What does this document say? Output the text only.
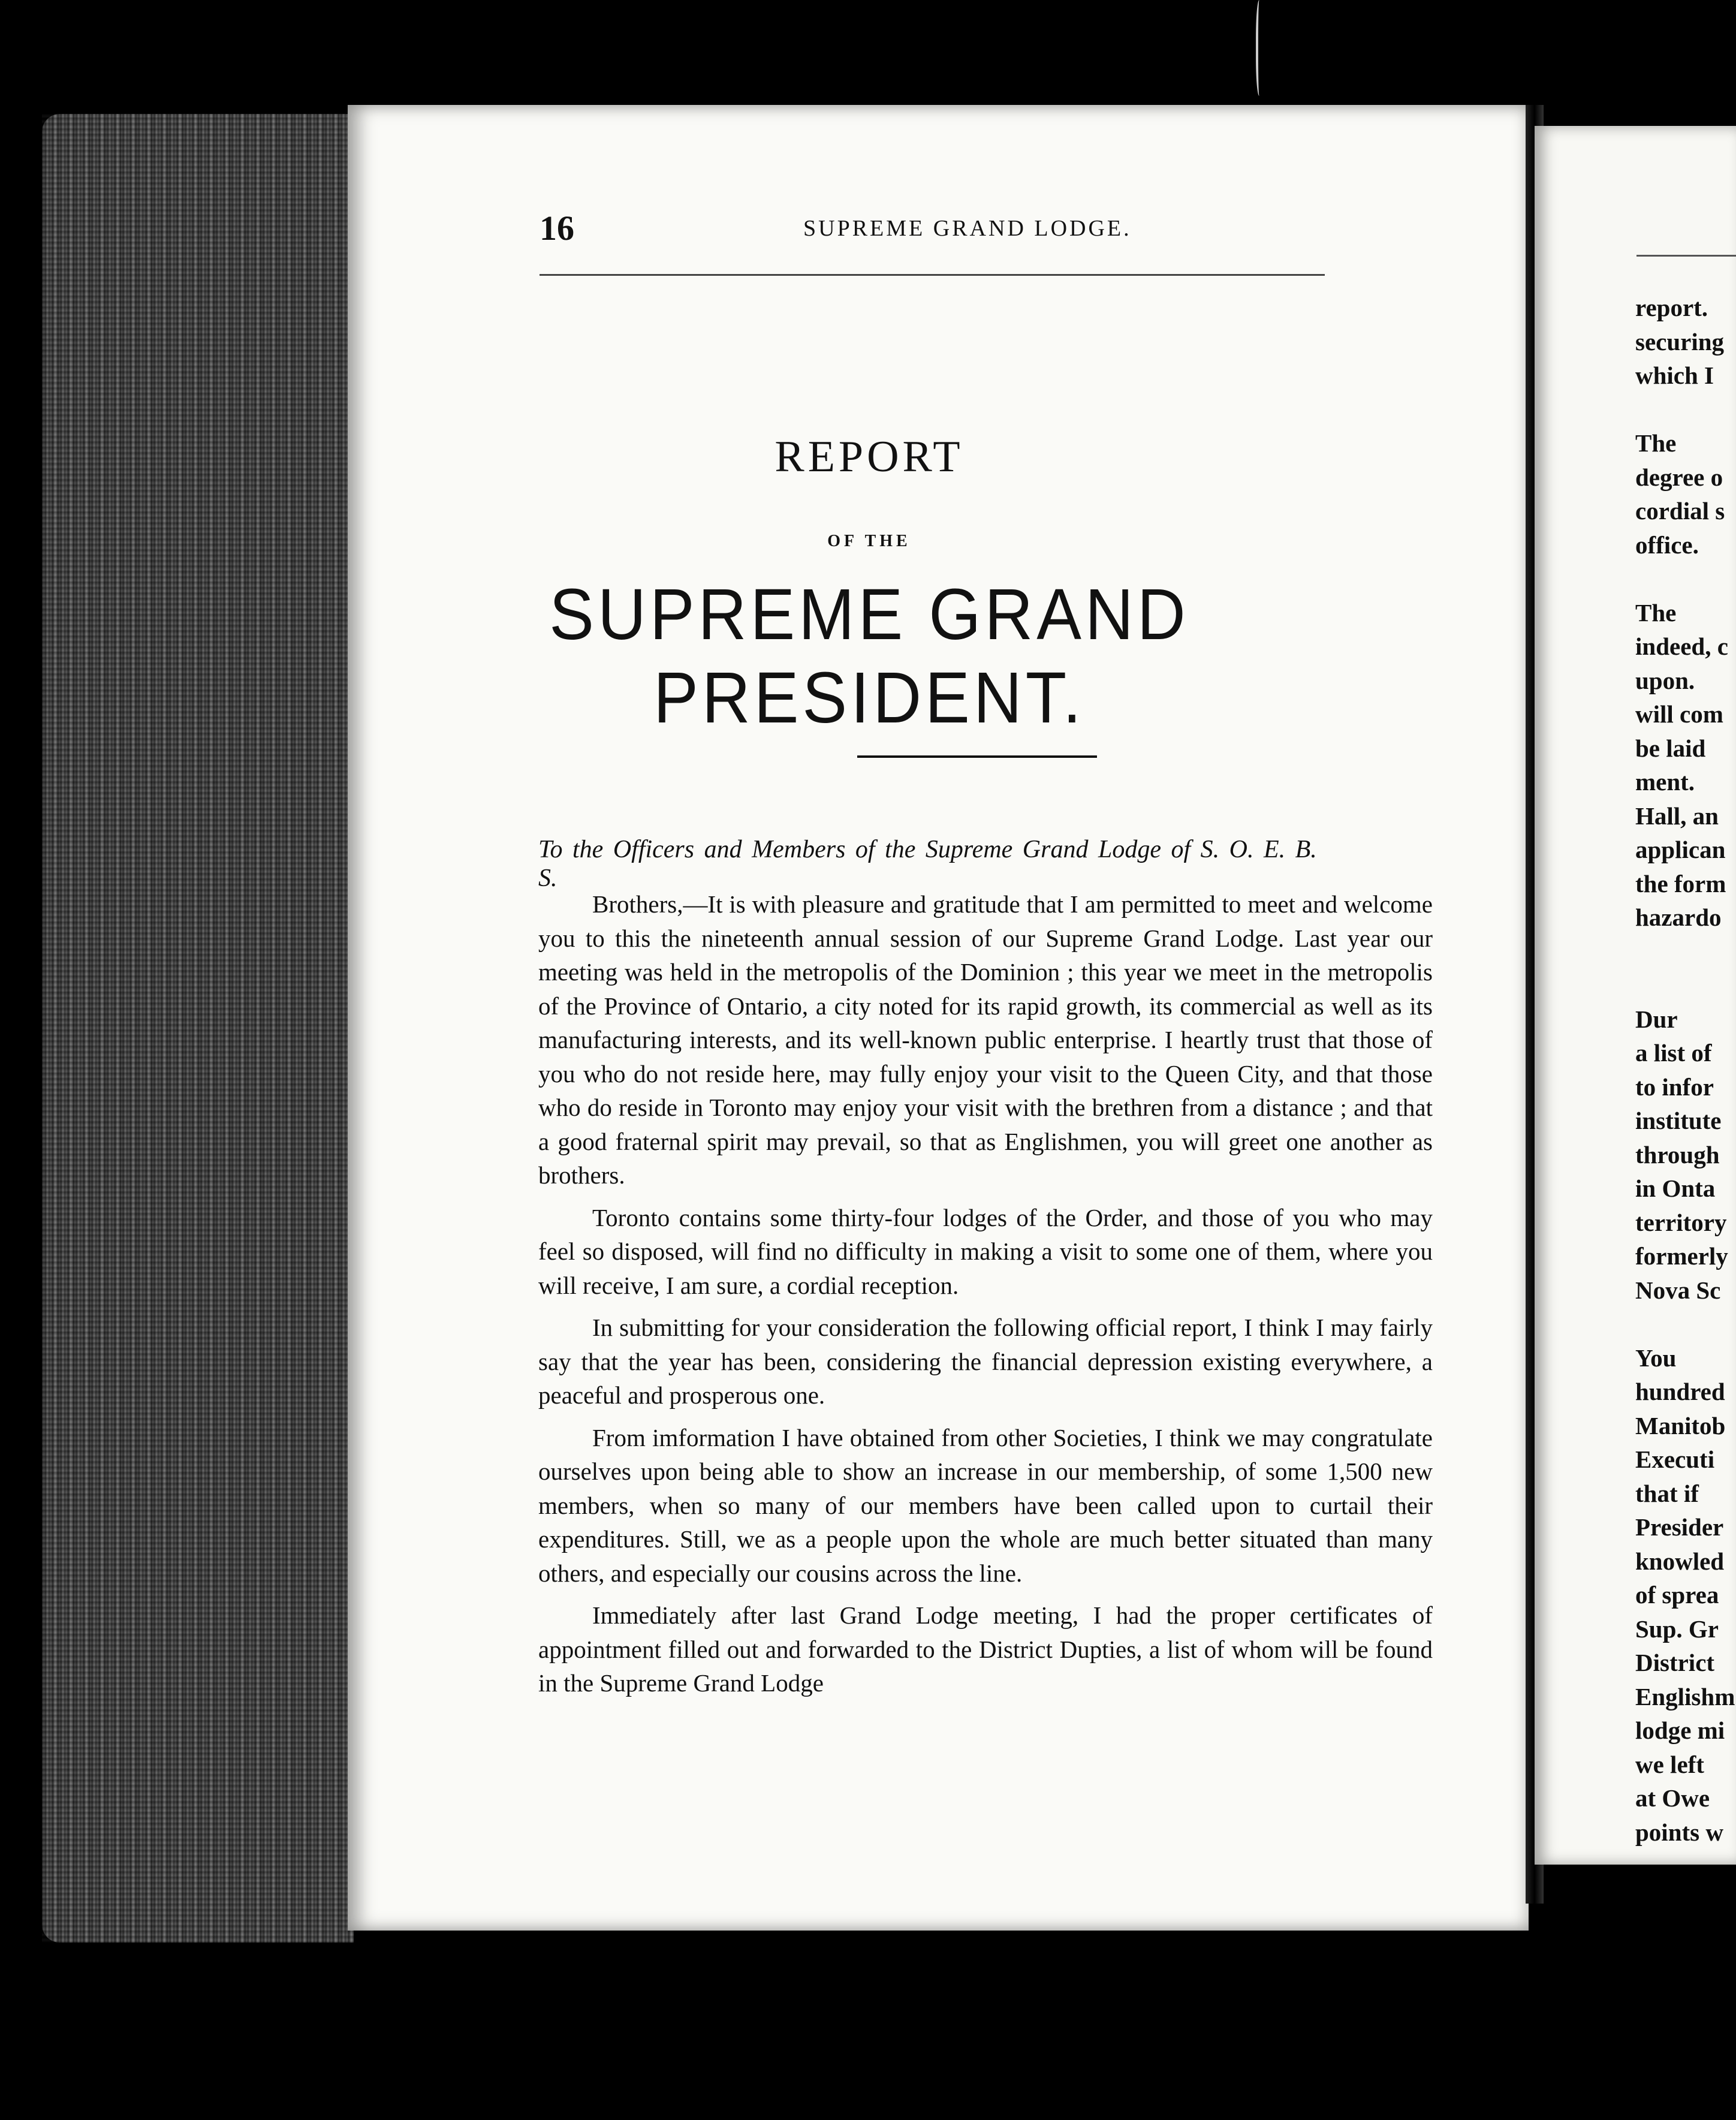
16	SUPREME GRAND LODGE.
REPORT
OF THE
SUPREME GRAND PRESIDENT.
To the Officers and Members of the Supreme Grand Lodge of S. O. E. B. S.

Brothers,—It is with pleasure and gratitude that I am permitted to meet and welcome you to this the nineteenth annual session of our Supreme Grand Lodge. Last year our meeting was held in the metropolis of the Dominion ; this year we meet in the metropolis of the Province of Ontario, a city noted for its rapid growth, its commercial as well as its manufacturing interests, and its well-known public enterprise. I heartly trust that those of you who do not reside here, may fully enjoy your visit to the Queen City, and that those who do reside in Toronto may enjoy your visit with the brethren from a distance ; and that a good fraternal spirit may prevail, so that as Englishmen, you will greet one another as brothers.

Toronto contains some thirty-four lodges of the Order, and those of you who may feel so disposed, will find no difficulty in making a visit to some one of them, where you will receive, I am sure, a cordial reception.

In submitting for your consideration the following official report, I think I may fairly say that the year has been, considering the financial depression existing everywhere, a peaceful and prosperous one.

From imformation I have obtained from other Societies, I think we may congratulate ourselves upon being able to show an increase in our membership, of some 1,500 new members, when so many of our members have been called upon to curtail their expenditures. Still, we as a people upon the whole are much better situated than many others, and especially our cousins across the line.

Immediately after last Grand Lodge meeting, I had the proper certificates of appointment filled out and forwarded to the District Dupties, a list of whom will be found in the Supreme Grand Lodge

report.
securing
which I
The
degree o
cordial s
office.
The
indeed, c
upon.
will com
be laid
ment.
Hall, an
applican
the form
hazardo
Dur
a list of
to infor
institute
through
in Onta
territory
formerly
Nova Sc
You
hundred
Manitob
Executi
that if
Presider
knowled
of sprea
Sup. Gr
District
Englishm
lodge mi
we left
at Owe
points w
